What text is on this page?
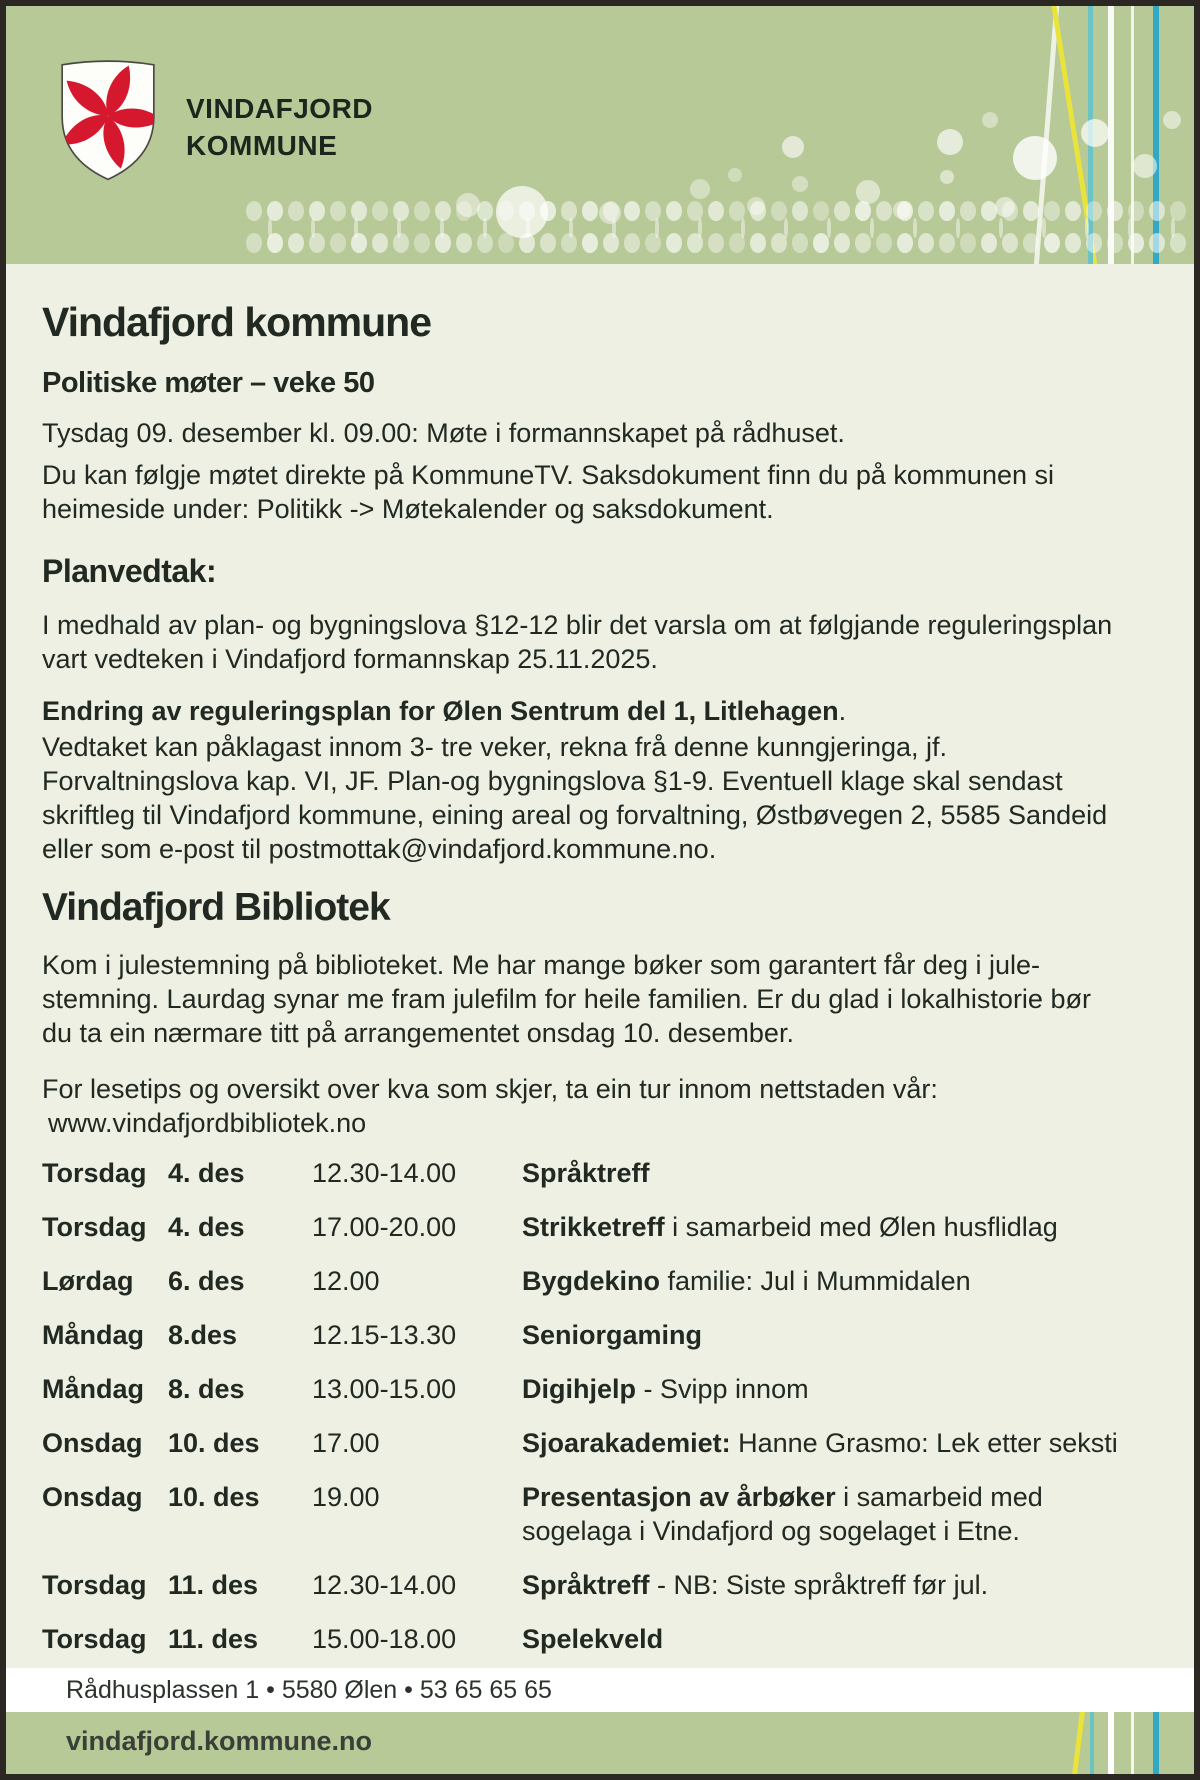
VINDAFJORD
KOMMUNE
Vindafjord kommune
Politiske møter – veke 50

Tysdag 09. desember kl. 09.00: Møte i formannskapet på rådhuset.

Du kan følgje møtet direkte på KommuneTV. Saksdokument finn du på kommunen si heimeside under: Politikk -> Møtekalender og saksdokument.

Planvedtak:

I medhald av plan- og bygningslova §12-12 blir det varsla om at følgjande reguleringsplan vart vedteken i Vindafjord formannskap 25.11.2025.

Endring av reguleringsplan for Ølen Sentrum del 1, Litlehagen.

Vedtaket kan påklagast innom 3- tre veker, rekna frå denne kunngjeringa, jf. Forvaltningslova kap. VI, JF. Plan-og bygningslova §1-9. Eventuell klage skal sendast skriftleg til Vindafjord kommune, eining areal og forvaltning, Østbøvegen 2, 5585 Sandeid eller som e-post til postmottak@vindafjord.kommune.no.

Vindafjord Bibliotek

Kom i julestemning på biblioteket. Me har mange bøker som garantert får deg i jule-stemning. Laurdag synar me fram julefilm for heile familien. Er du glad i lokalhistorie bør du ta ein nærmare titt på arrangementet onsdag 10. desember.

For lesetips og oversikt over kva som skjer, ta ein tur innom nettstaden vår:
www.vindafjordbibliotek.no

Torsdag 4. des	12.30-14.00	Språktreff
Torsdag 4. des	17.00-20.00	Strikketreff i samarbeid med Ølen husflidlag
Lørdag 6. des	12.00	Bygdekino familie: Jul i Mummidalen
Måndag 8.des	12.15-13.30	Seniorgaming
Måndag 8. des	13.00-15.00	Digihjelp - Svipp innom
Onsdag 10. des	17.00	Sjoarakademiet: Hanne Grasmo: Lek etter seksti
Onsdag 10. des	19.00	Presentasjon av årbøker i samarbeid med sogelaga i Vindafjord og sogelaget i Etne.
Torsdag 11. des	12.30-14.00	Språktreff - NB: Siste språktreff før jul.
Torsdag 11. des	15.00-18.00	Spelekveld
Rådhusplassen 1 • 5580 Ølen • 53 65 65 65
vindafjord.kommune.no
